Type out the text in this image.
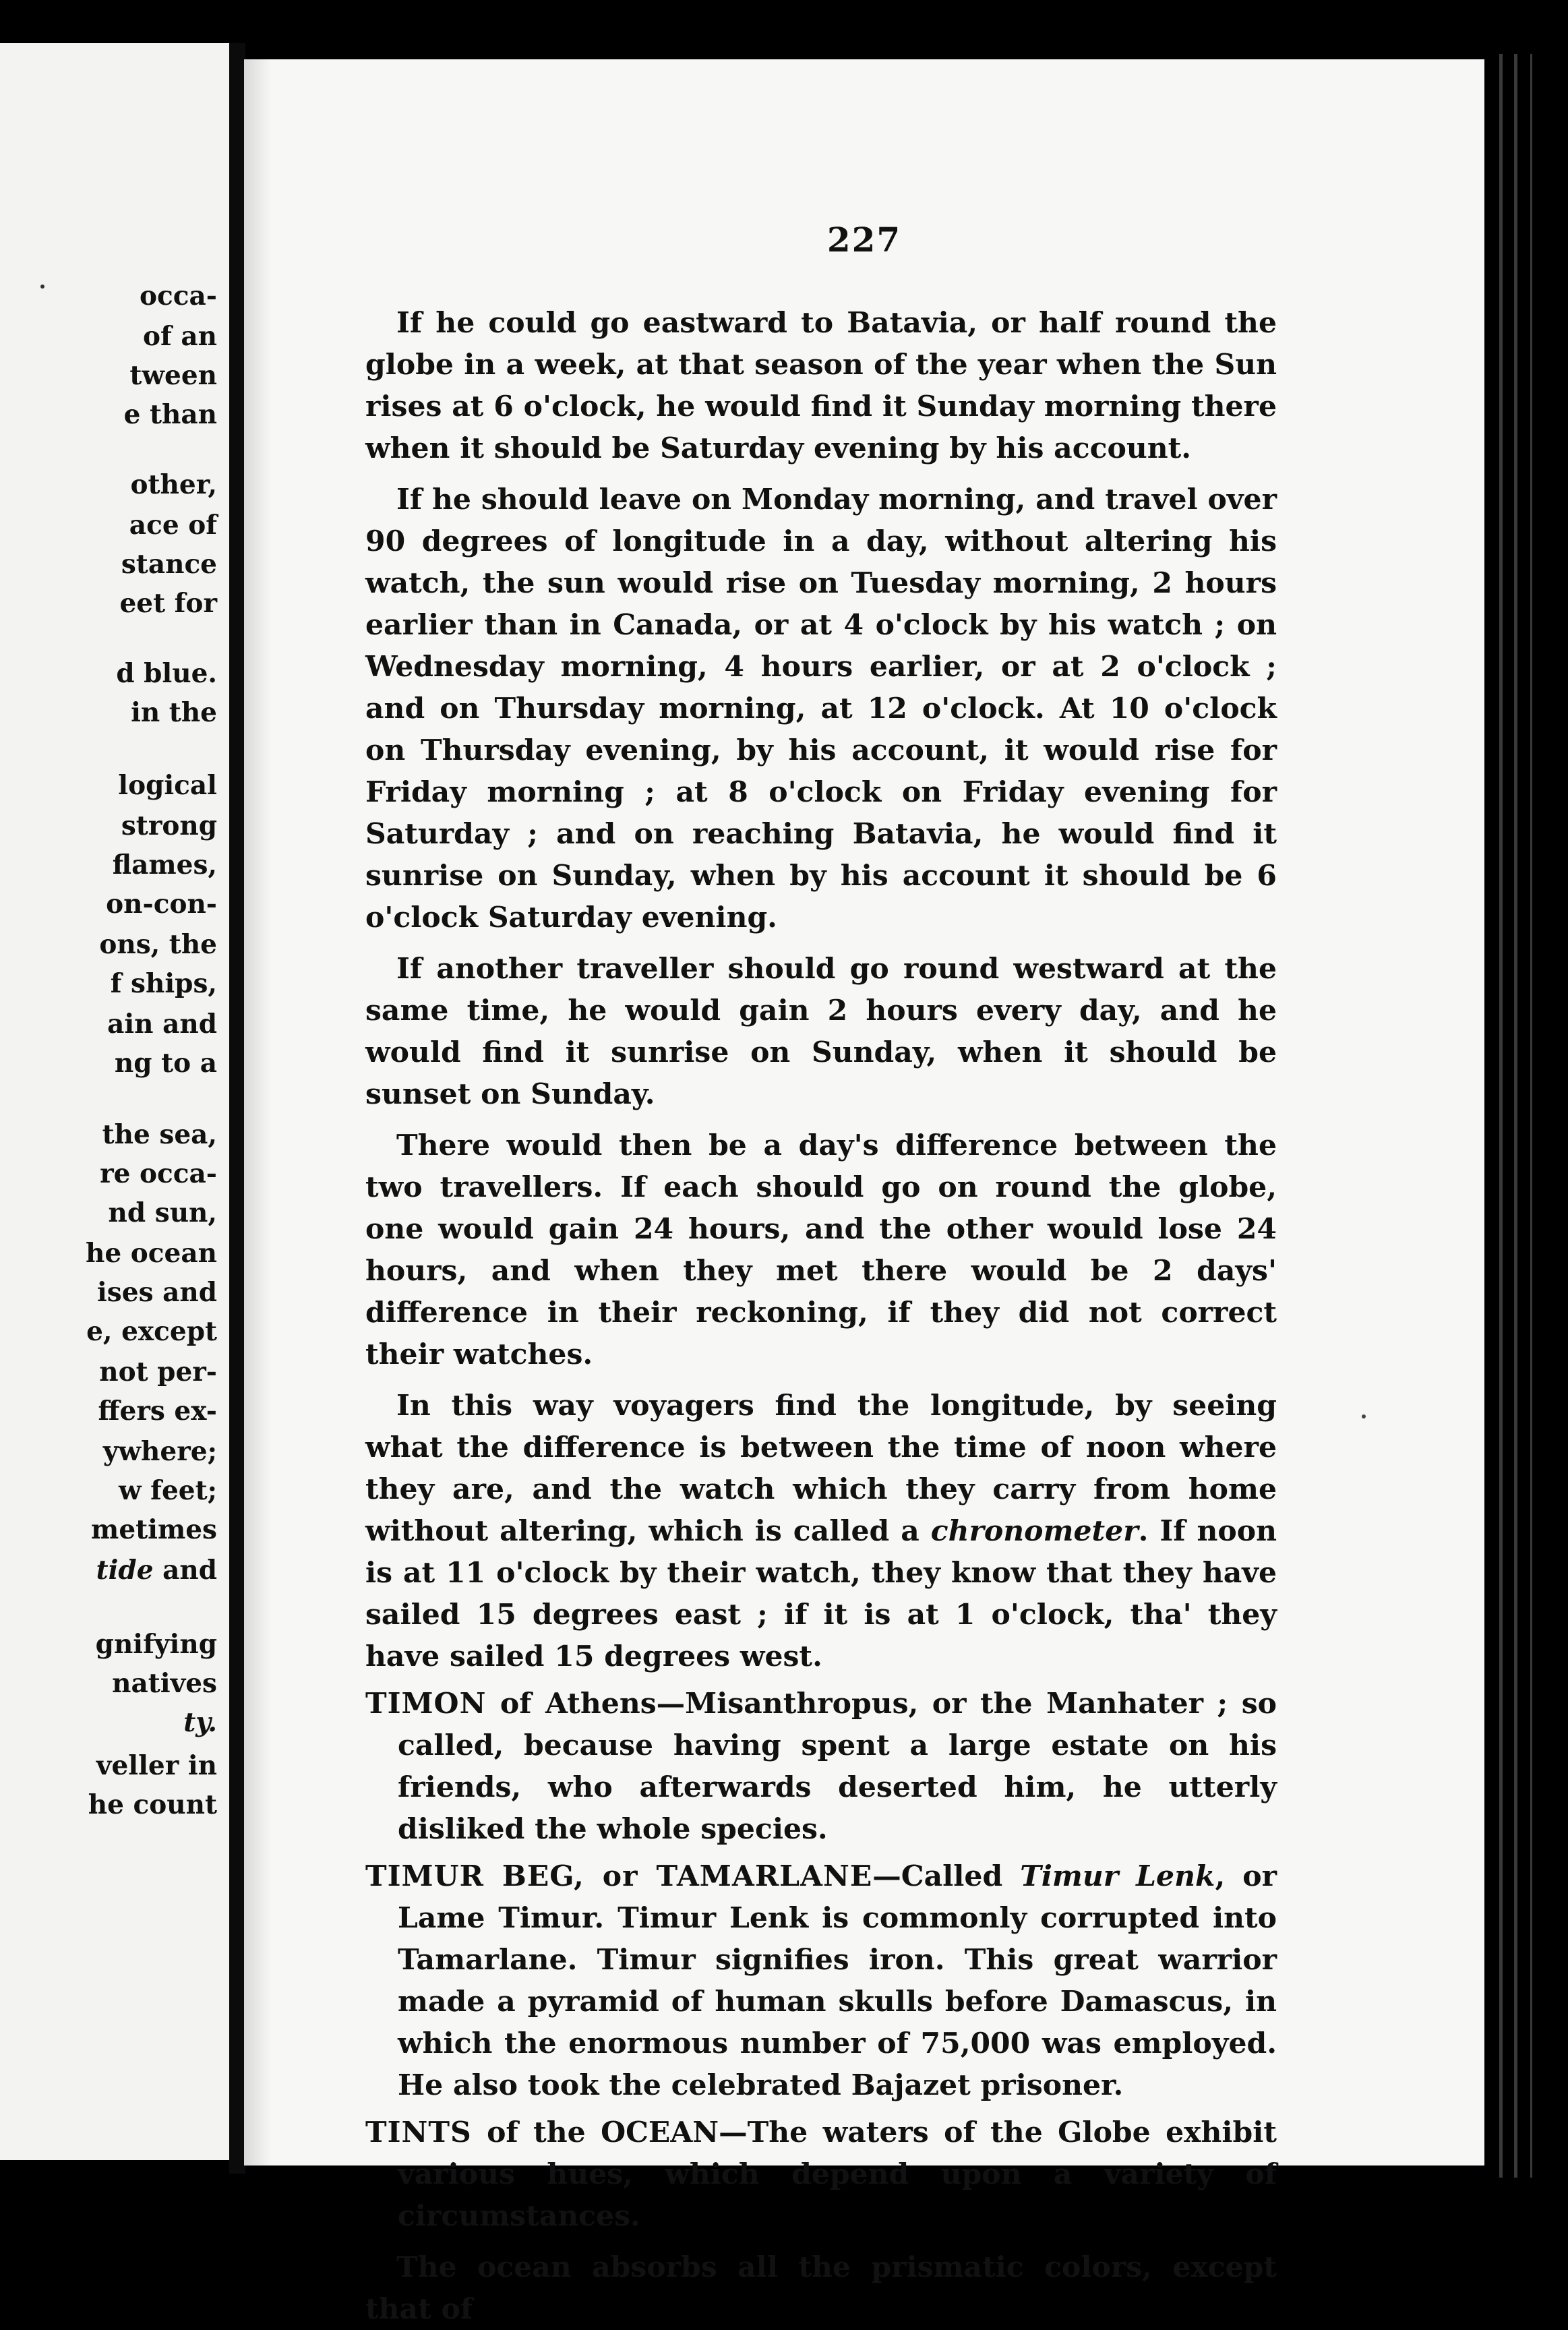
occa-
of an
tween
e than
other,
ace of
stance
eet for
d blue.
in the
logical
strong
flames,
on-con-
ons, the
f ships,
ain and
ng to a
the sea,
re occa-
nd sun,
he ocean
ises and
e, except
not per-
ffers ex-
ywhere;
w feet;
metimes
tide and
gnifying
natives
ty.
veller in
he count
227

If he could go eastward to Batavia, or half round the globe in a week, at that season of the year when the Sun rises at 6 o'clock, he would find it Sunday morning there when it should be Saturday evening by his account.

If he should leave on Monday morning, and travel over 90 degrees of longitude in a day, without altering his watch, the sun would rise on Tuesday morning, 2 hours earlier than in Canada, or at 4 o'clock by his watch ; on Wednesday morning, 4 hours earlier, or at 2 o'clock ; and on Thursday morning, at 12 o'clock. At 10 o'clock on Thursday evening, by his account, it would rise for Friday morning ; at 8 o'clock on Friday evening for Saturday ; and on reaching Batavia, he would find it sunrise on Sunday, when by his account it should be 6 o'clock Saturday evening.

If another traveller should go round westward at the same time, he would gain 2 hours every day, and he would find it sunrise on Sunday, when it should be sunset on Sunday.

There would then be a day's difference between the two travellers. If each should go on round the globe, one would gain 24 hours, and the other would lose 24 hours, and when they met there would be 2 days' difference in their reckoning, if they did not correct their watches.

In this way voyagers find the longitude, by seeing what the difference is between the time of noon where they are, and the watch which they carry from home without altering, which is called a chronometer. If noon is at 11 o'clock by their watch, they know that they have sailed 15 degrees east ; if it is at 1 o'clock, tha' they have sailed 15 degrees west.

TIMON of Athens—Misanthropus, or the Manhater ; so called, because having spent a large estate on his friends, who afterwards deserted him, he utterly disliked the whole species.

TIMUR BEG, or TAMARLANE—Called Timur Lenk, or Lame Timur. Timur Lenk is commonly corrupted into Tamarlane. Timur signifies iron. This great warrior made a pyramid of human skulls before Damascus, in which the enormous number of 75,000 was employed. He also took the celebrated Bajazet prisoner.

TINTS of the OCEAN—The waters of the Globe exhibit various hues, which depend upon a variety of circumstances.

The ocean absorbs all the prismatic colors, except that of
